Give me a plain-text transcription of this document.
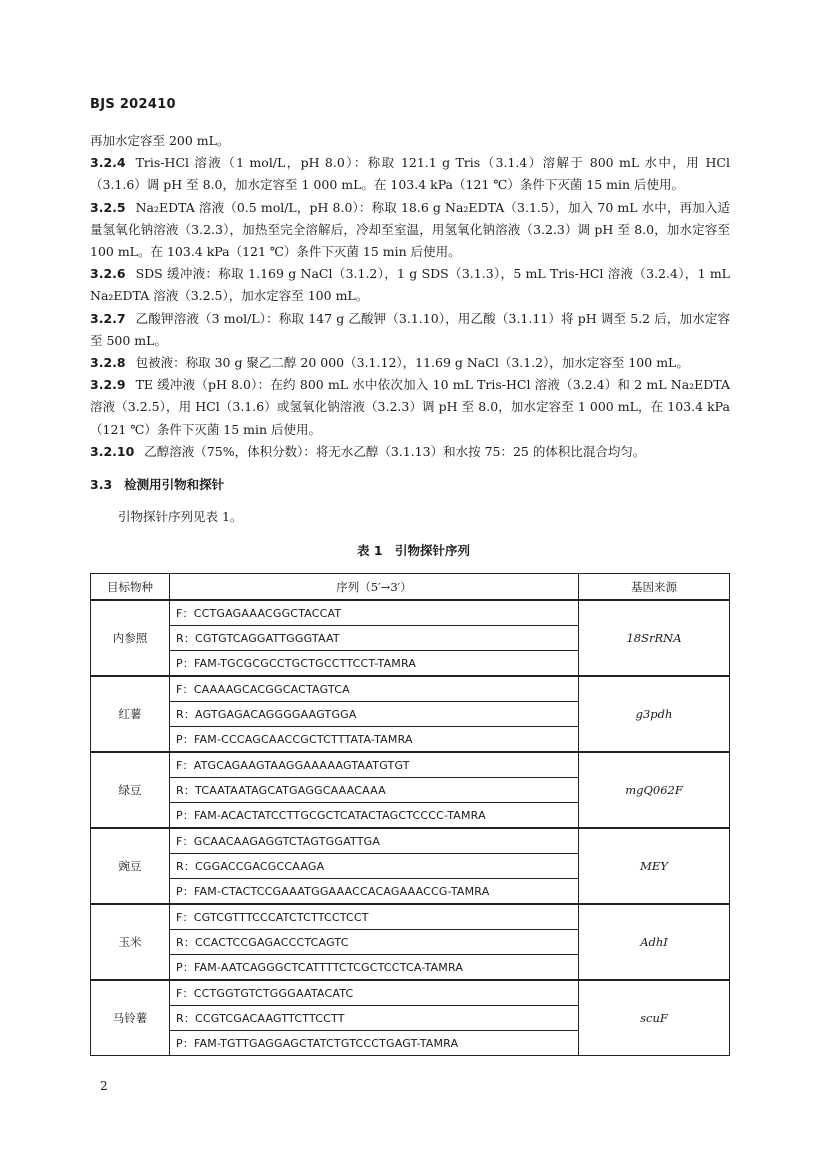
BJS 202410

再加水定容至 200 mL。

3.2.4 Tris-HCl 溶液（1 mol/L，pH 8.0）：称取 121.1 g Tris（3.1.4）溶解于 800 mL 水中，用 HCl（3.1.6）调 pH 至 8.0，加水定容至 1 000 mL。在 103.4 kPa（121 ℃）条件下灭菌 15 min 后使用。

3.2.5 Na₂EDTA 溶液（0.5 mol/L，pH 8.0）：称取 18.6 g Na₂EDTA（3.1.5），加入 70 mL 水中，再加入适量氢氧化钠溶液（3.2.3），加热至完全溶解后，冷却至室温，用氢氧化钠溶液（3.2.3）调 pH 至 8.0，加水定容至 100 mL。在 103.4 kPa（121 ℃）条件下灭菌 15 min 后使用。

3.2.6 SDS 缓冲液：称取 1.169 g NaCl（3.1.2），1 g SDS（3.1.3），5 mL Tris-HCl 溶液（3.2.4），1 mL Na₂EDTA 溶液（3.2.5），加水定容至 100 mL。

3.2.7 乙酸钾溶液（3 mol/L）：称取 147 g 乙酸钾（3.1.10），用乙酸（3.1.11）将 pH 调至 5.2 后，加水定容至 500 mL。

3.2.8 包被液：称取 30 g 聚乙二醇 20 000（3.1.12），11.69 g NaCl（3.1.2），加水定容至 100 mL。

3.2.9 TE 缓冲液（pH 8.0）：在约 800 mL 水中依次加入 10 mL Tris-HCl 溶液（3.2.4）和 2 mL Na₂EDTA 溶液（3.2.5），用 HCl（3.1.6）或氢氧化钠溶液（3.2.3）调 pH 至 8.0，加水定容至 1 000 mL，在 103.4 kPa（121 ℃）条件下灭菌 15 min 后使用。

3.2.10 乙醇溶液（75%，体积分数）：将无水乙醇（3.1.13）和水按 75：25 的体积比混合均匀。

3.3 检测用引物和探针
引物探针序列见表 1。
表 1　引物探针序列
目标物种	序列（5′→3′）	基因来源
内参照	F：CCTGAGAAACGGCTACCAT	18SrRNA
	R：CGTGTCAGGATTGGGTAAT	
	P：FAM-TGCGCGCCTGCTGCCTTCCT-TAMRA	
红薯	F：CAAAAGCACGGCACTAGTCA	g3pdh
	R：AGTGAGACAGGGGAAGTGGA	
	P：FAM-CCCAGCAACCGCTCTTTATA-TAMRA	
绿豆	F：ATGCAGAAGTAAGGAAAAAGTAATGTGT	mgQ062F
	R：TCAATAATAGCATGAGGCAAACAAA	
	P：FAM-ACACTATCCTTGCGCTCATACTAGCTCCCC-TAMRA	
豌豆	F：GCAACAAGAGGTCTAGTGGATTGA	MEY
	R：CGGACCGACGCCAAGA	
	P：FAM-CTACTCCGAAATGGAAACCACAGAAACCG-TAMRA	
玉米	F：CGTCGTTTCCCATCTCTTCCTCCT	AdhI
	R：CCACTCCGAGACCCTCAGTC	
	P：FAM-AATCAGGGCTCATTTTCTCGCTCCTCA-TAMRA	
马铃薯	F：CCTGGTGTCTGGGAATACATC	scuF
	R：CCGTCGACAAGTTCTTCCTT	
	P：FAM-TGTTGAGGAGCTATCTGTCCCTGAGT-TAMRA	
2
